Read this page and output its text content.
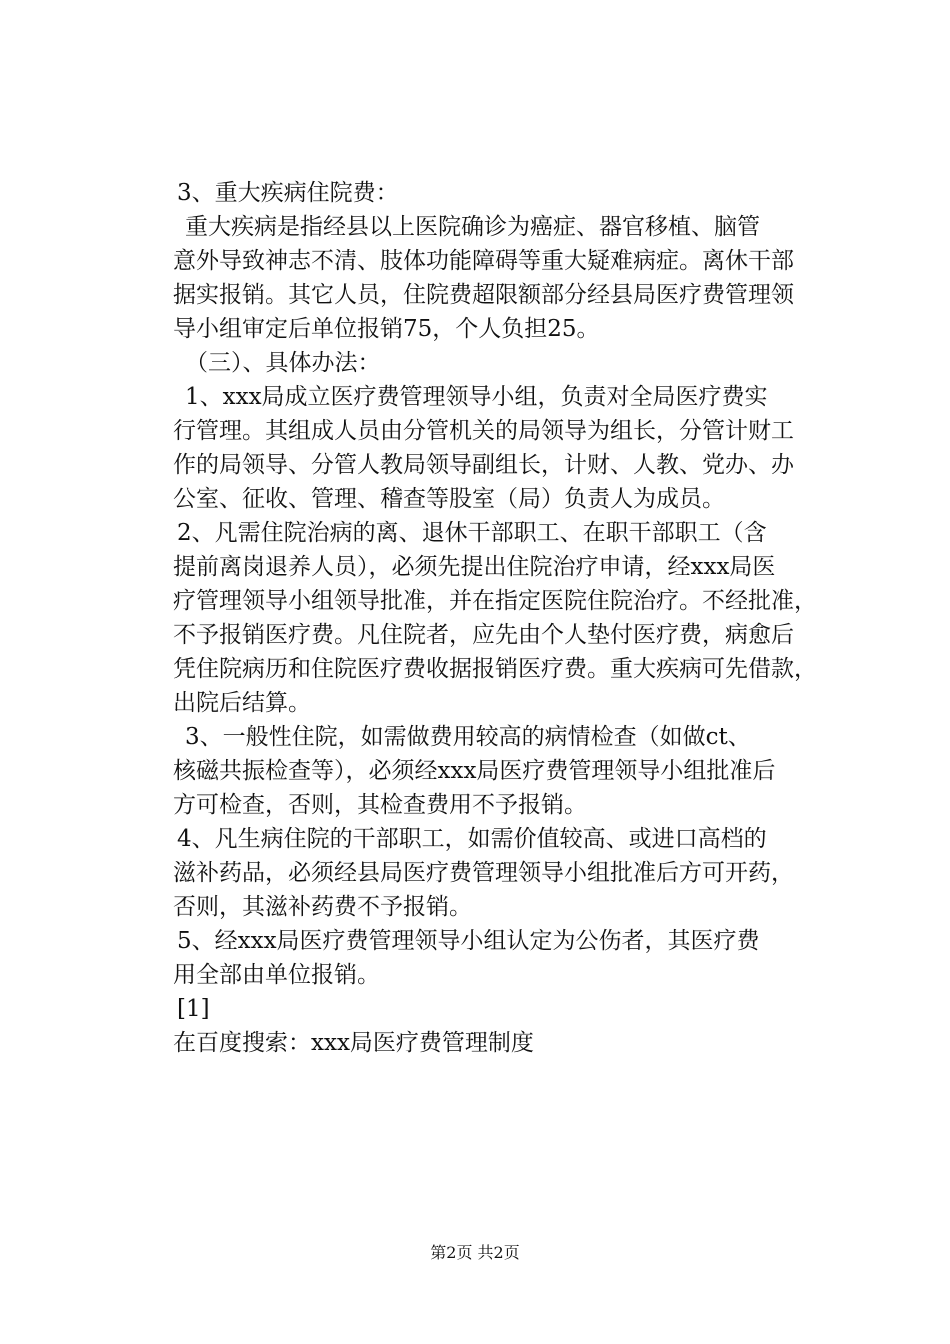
3、重大疾病住院费：
重大疾病是指经县以上医院确诊为癌症、器官移植、脑管
意外导致神志不清、肢体功能障碍等重大疑难病症。离休干部
据实报销。其它人员，住院费超限额部分经县局医疗费管理领
导小组审定后单位报销75，个人负担25。
（三）、具体办法：
1、xxx局成立医疗费管理领导小组，负责对全局医疗费实
行管理。其组成人员由分管机关的局领导为组长，分管计财工
作的局领导、分管人教局领导副组长，计财、人教、党办、办
公室、征收、管理、稽查等股室（局）负责人为成员。
2、凡需住院治病的离、退休干部职工、在职干部职工（含
提前离岗退养人员），必须先提出住院治疗申请，经xxx局医
疗管理领导小组领导批准，并在指定医院住院治疗。不经批准，
不予报销医疗费。凡住院者，应先由个人垫付医疗费，病愈后
凭住院病历和住院医疗费收据报销医疗费。重大疾病可先借款，
出院后结算。
3、一般性住院，如需做费用较高的病情检查（如做ct、
核磁共振检查等），必须经xxx局医疗费管理领导小组批准后
方可检查，否则，其检查费用不予报销。
4、凡生病住院的干部职工，如需价值较高、或进口高档的
滋补药品，必须经县局医疗费管理领导小组批准后方可开药，
否则，其滋补药费不予报销。
5、经xxx局医疗费管理领导小组认定为公伤者，其医疗费
用全部由单位报销。
[1]
在百度搜索：xxx局医疗费管理制度
第2页 共2页
